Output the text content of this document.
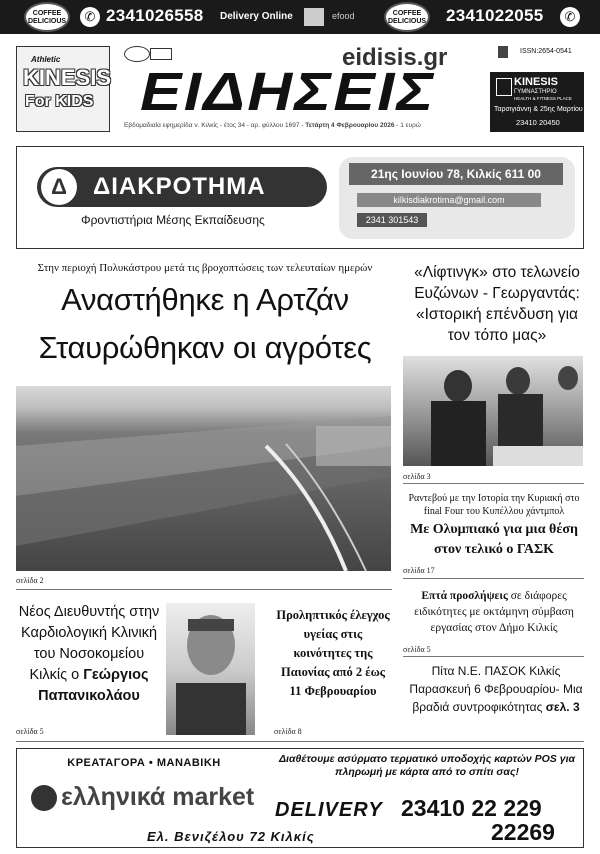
COFFEE DELICIOUS	✆ 2341026558 Delivery Online	efood	COFFEE DELICIOUS 2341022055	✆
Athletic
KINESIS
For KIDS
eidisis.gr	ISSN:2654-0541
ΕΙΔΗΣΕΙΣ
Εβδομαδιαία εφημερίδα ν. Κιλκίς - έτος 34 - αρ. φύλλου 1697 - Τετάρτη 4 Φεβρουαρίου 2026 - 1 ευρώ
KINESIS
ΓΥΜΝΑΣΤΗΡΙΟ
HEALTH & FITNESS PLACE
Ταρσιγιάννη & 25ης Μαρτίου
23410 20450
Δ	ΔΙΑΚΡΟΤΗΜΑ
Φροντιστήρια Μέσης Εκπαίδευσης
21ης Ιουνίου 78, Κιλκίς 611 00
kilkisdiakrotima@gmail.com
2341 301543
Στην περιοχή Πολυκάστρου μετά τις βροχοπτώσεις των τελευταίων ημερών
Αναστήθηκε η Αρτζάν
Σταυρώθηκαν οι αγρότες
σελίδα 2
«Λίφτινγκ» στο τελωνείο Ευζώνων - Γεωργαντάς: «Ιστορική επένδυση για τον τόπο μας»
σελίδα 3
Ραντεβού με την Ιστορία την Κυριακή στο final Four του Κυπέλλου χάντμπολ
Με Ολυμπιακό για μια θέση στον τελικό ο ΓΑΣΚ
σελίδα 17
Επτά προσλήψεις σε διάφορες ειδικότητες με οκτάμηνη σύμβαση εργασίας στον Δήμο Κιλκίς
σελίδα 5
Πίτα Ν.Ε. ΠΑΣΟΚ Κιλκίς Παρασκευή 6 Φεβρουαρίου- Μια βραδιά συντροφικότητας σελ. 3
Νέος Διευθυντής στην Καρδιολογική Κλινική του Νοσοκομείου Κιλκίς ο Γεώργιος Παπανικολάου
σελίδα 5
Προληπτικός έλεγχος υγείας στις κοινότητες της Παιονίας από 2 έως 11 Φεβρουαρίου
σελίδα 8
ΚΡΕΑΤΑΓΟΡΑ • ΜΑΝΑΒΙΚΗ
ελληνικά market
Διαθέτουμε ασύρματο τερματικό υποδοχής καρτών POS για πληρωμή με κάρτα από το σπίτι σας!
DELIVERY 23410 22 229
22269
Ελ. Βενιζέλου 72 Κιλκίς
